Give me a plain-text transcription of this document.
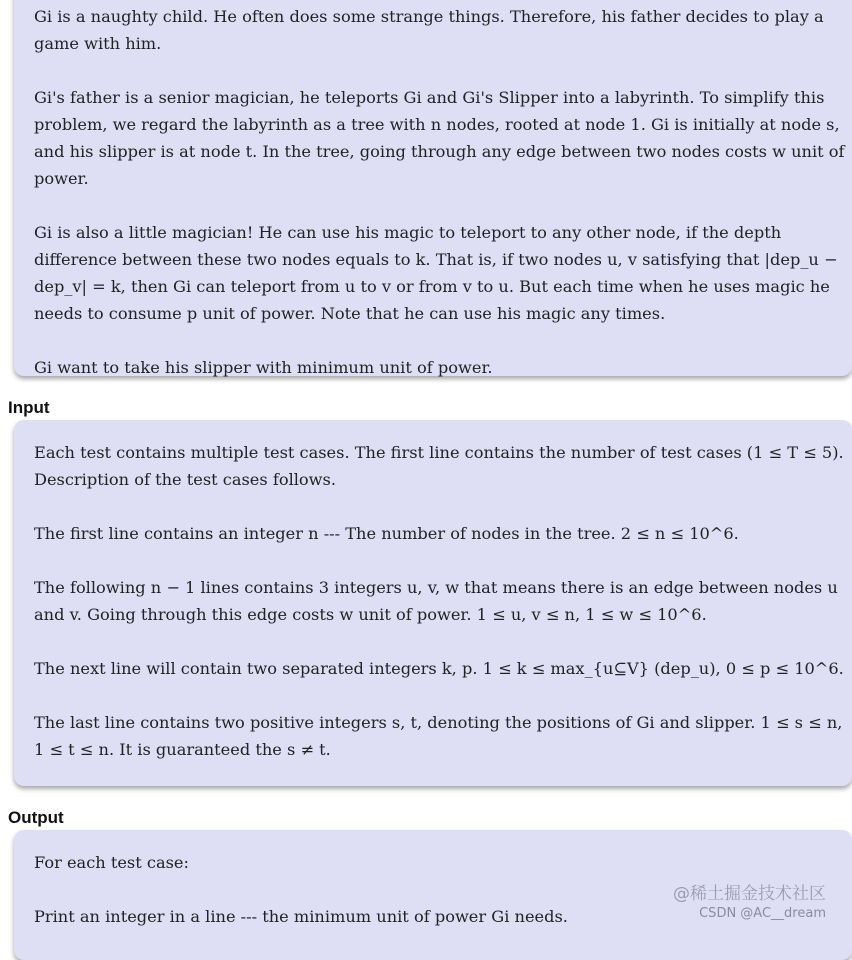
Gi is a naughty child. He often does some strange things. Therefore, his father decides to play a game with him.

Gi's father is a senior magician, he teleports Gi and Gi's Slipper into a labyrinth. To simplify this problem, we regard the labyrinth as a tree with n nodes, rooted at node 1. Gi is initially at node s, and his slipper is at node t. In the tree, going through any edge between two nodes costs w unit of power.

Gi is also a little magician! He can use his magic to teleport to any other node, if the depth difference between these two nodes equals to k. That is, if two nodes u, v satisfying that |dep_u − dep_v| = k, then Gi can teleport from u to v or from v to u. But each time when he uses magic he needs to consume p unit of power. Note that he can use his magic any times.

Gi want to take his slipper with minimum unit of power.

Input

Each test contains multiple test cases. The first line contains the number of test cases (1 ≤ T ≤ 5). Description of the test cases follows.

The first line contains an integer n --- The number of nodes in the tree. 2 ≤ n ≤ 10^6.

The following n − 1 lines contains 3 integers u, v, w that means there is an edge between nodes u and v. Going through this edge costs w unit of power. 1 ≤ u, v ≤ n, 1 ≤ w ≤ 10^6.

The next line will contain two separated integers k, p. 1 ≤ k ≤ max_{u⊆V} (dep_u), 0 ≤ p ≤ 10^6.

The last line contains two positive integers s, t, denoting the positions of Gi and slipper. 1 ≤ s ≤ n, 1 ≤ t ≤ n. It is guaranteed the s ≠ t.

Output

For each test case:

Print an integer in a line --- the minimum unit of power Gi needs.

@稀土掘金技术社区
CSDN @AC__dream
